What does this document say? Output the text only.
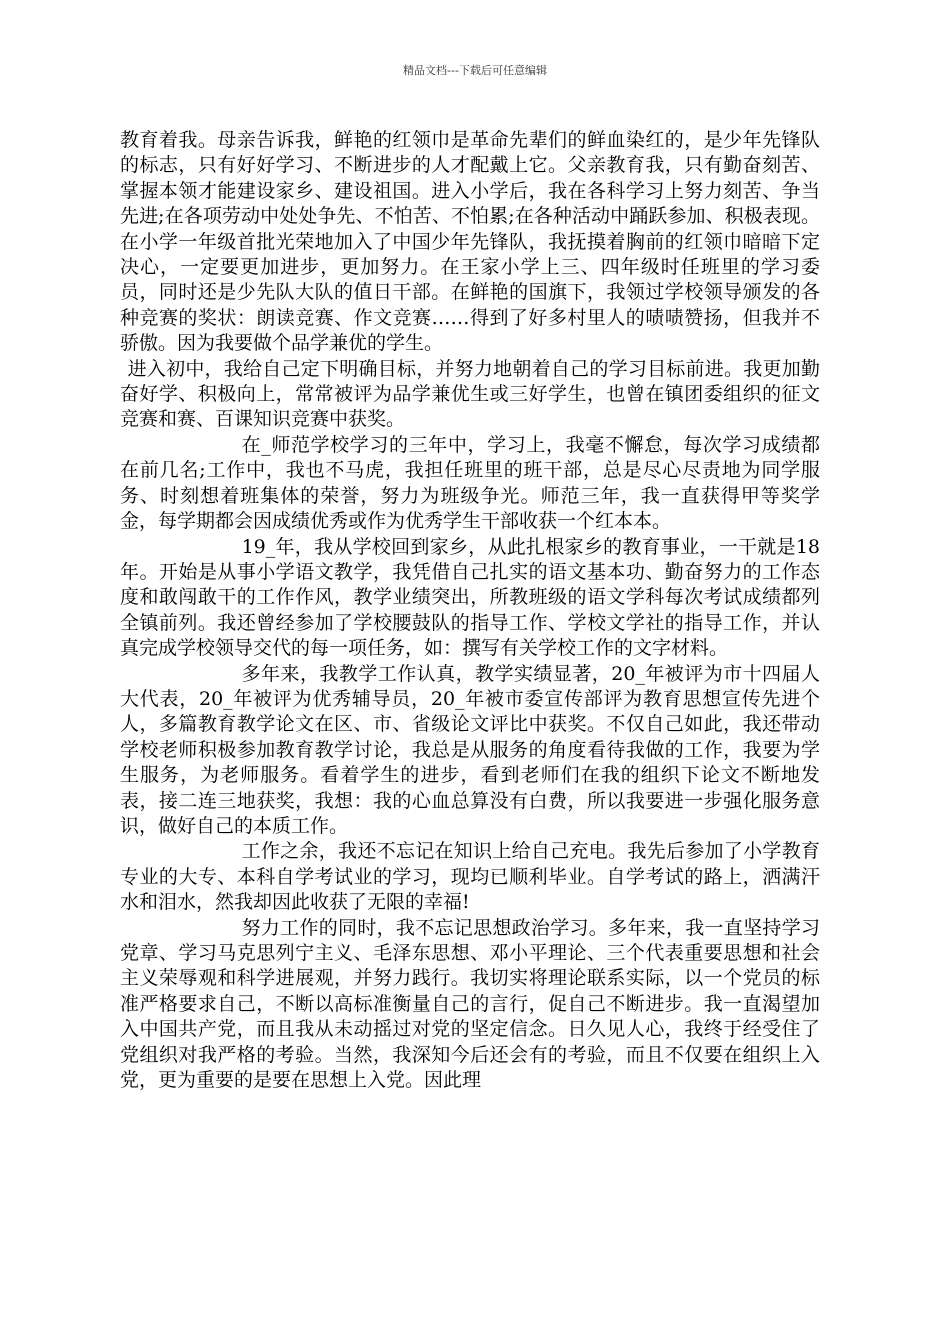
精品文档---下载后可任意编辑

教育着我。母亲告诉我，鲜艳的红领巾是革命先辈们的鲜血染红的，是少年先锋队的标志，只有好好学习、不断进步的人才配戴上它。父亲教育我，只有勤奋刻苦、掌握本领才能建设家乡、建设祖国。进入小学后，我在各科学习上努力刻苦、争当先进;在各项劳动中处处争先、不怕苦、不怕累;在各种活动中踊跃参加、积极表现。在小学一年级首批光荣地加入了中国少年先锋队，我抚摸着胸前的红领巾暗暗下定决心，一定要更加进步，更加努力。在王家小学上三、四年级时任班里的学习委员，同时还是少先队大队的值日干部。在鲜艳的国旗下，我领过学校领导颁发的各种竞赛的奖状：朗读竞赛、作文竞赛……得到了好多村里人的啧啧赞扬，但我并不骄傲。因为我要做个品学兼优的学生。

进入初中，我给自己定下明确目标，并努力地朝着自己的学习目标前进。我更加勤奋好学、积极向上，常常被评为品学兼优生或三好学生，也曾在镇团委组织的征文竞赛和赛、百课知识竞赛中获奖。

在_师范学校学习的三年中，学习上，我毫不懈怠，每次学习成绩都在前几名;工作中，我也不马虎，我担任班里的班干部，总是尽心尽责地为同学服务、时刻想着班集体的荣誉，努力为班级争光。师范三年，我一直获得甲等奖学金，每学期都会因成绩优秀或作为优秀学生干部收获一个红本本。

19_年，我从学校回到家乡，从此扎根家乡的教育事业，一干就是18年。开始是从事小学语文教学，我凭借自己扎实的语文基本功、勤奋努力的工作态度和敢闯敢干的工作作风，教学业绩突出，所教班级的语文学科每次考试成绩都列全镇前列。我还曾经参加了学校腰鼓队的指导工作、学校文学社的指导工作，并认真完成学校领导交代的每一项任务，如：撰写有关学校工作的文字材料。

多年来，我教学工作认真，教学实绩显著，20_年被评为市十四届人大代表，20_年被评为优秀辅导员，20_年被市委宣传部评为教育思想宣传先进个人，多篇教育教学论文在区、市、省级论文评比中获奖。不仅自己如此，我还带动学校老师积极参加教育教学讨论，我总是从服务的角度看待我做的工作，我要为学生服务，为老师服务。看着学生的进步，看到老师们在我的组织下论文不断地发表，接二连三地获奖，我想：我的心血总算没有白费，所以我要进一步强化服务意识，做好自己的本质工作。

工作之余，我还不忘记在知识上给自己充电。我先后参加了小学教育专业的大专、本科自学考试业的学习，现均已顺利毕业。自学考试的路上，洒满汗水和泪水，然我却因此收获了无限的幸福!

努力工作的同时，我不忘记思想政治学习。多年来，我一直坚持学习党章、学习马克思列宁主义、毛泽东思想、邓小平理论、三个代表重要思想和社会主义荣辱观和科学进展观，并努力践行。我切实将理论联系实际，以一个党员的标准严格要求自己，不断以高标准衡量自己的言行，促自己不断进步。我一直渴望加入中国共产党，而且我从未动摇过对党的坚定信念。日久见人心，我终于经受住了党组织对我严格的考验。当然，我深知今后还会有的考验，而且不仅要在组织上入党，更为重要的是要在思想上入党。因此理
